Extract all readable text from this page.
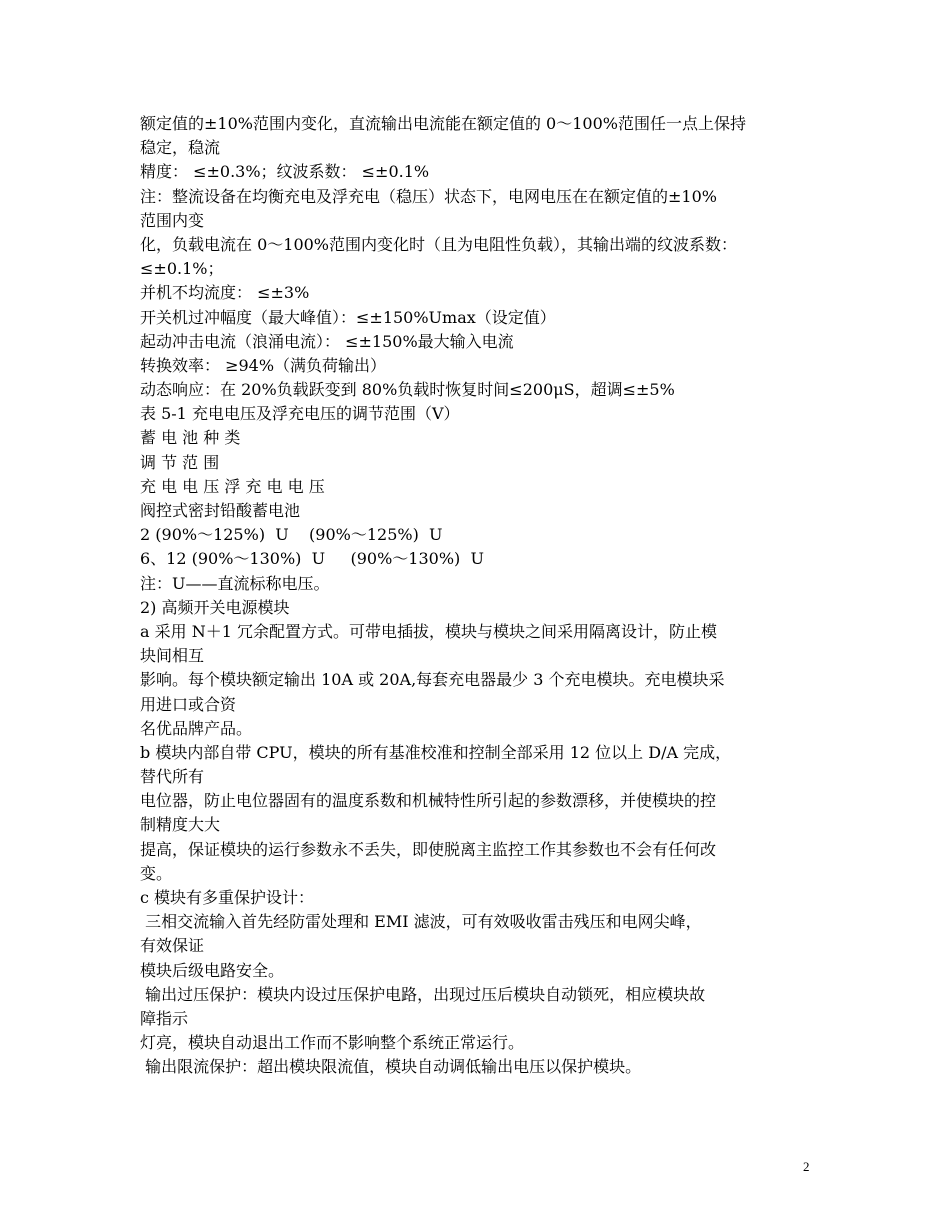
额定值的±10%范围内变化，直流输出电流能在额定值的 0～100%范围任一点上保持
稳定，稳流
精度： ≤±0.3%；纹波系数： ≤±0.1%
注：整流设备在均衡充电及浮充电（稳压）状态下，电网电压在在额定值的±10%
范围内变
化，负载电流在 0～100%范围内变化时（且为电阻性负载），其输出端的纹波系数：
≤±0.1%；
并机不均流度： ≤±3%
开关机过冲幅度（最大峰值）：≤±150%Umax（设定值）
起动冲击电流（浪涌电流）： ≤±150%最大输入电流
转换效率： ≥94%（满负荷输出）
动态响应：在 20%负载跃变到 80%负载时恢复时间≤200μS，超调≤±5%
表 5-1 充电电压及浮充电压的调节范围（V）
蓄 电 池 种 类
调 节 范 围
充 电 电 压 浮 充 电 电 压
阀控式密封铅酸蓄电池
2 (90%～125%)  U    (90%～125%)  U
6、12 (90%～130%)  U     (90%～130%)  U
注：U——直流标称电压。
2) 高频开关电源模块
a 采用 N＋1 冗余配置方式。可带电插拔，模块与模块之间采用隔离设计，防止模
块间相互
影响。每个模块额定输出 10A 或 20A,每套充电器最少 3 个充电模块。充电模块采
用进口或合资
名优品牌产品。
b 模块内部自带 CPU，模块的所有基准校准和控制全部采用 12 位以上 D/A 完成，
替代所有
电位器，防止电位器固有的温度系数和机械特性所引起的参数漂移，并使模块的控
制精度大大
提高，保证模块的运行参数永不丢失，即使脱离主监控工作其参数也不会有任何改
变。
c 模块有多重保护设计：
三相交流输入首先经防雷处理和 EMI 滤波，可有效吸收雷击残压和电网尖峰，
有效保证
模块后级电路安全。
输出过压保护：模块内设过压保护电路，出现过压后模块自动锁死，相应模块故
障指示
灯亮，模块自动退出工作而不影响整个系统正常运行。
输出限流保护：超出模块限流值，模块自动调低输出电压以保护模块。
2
